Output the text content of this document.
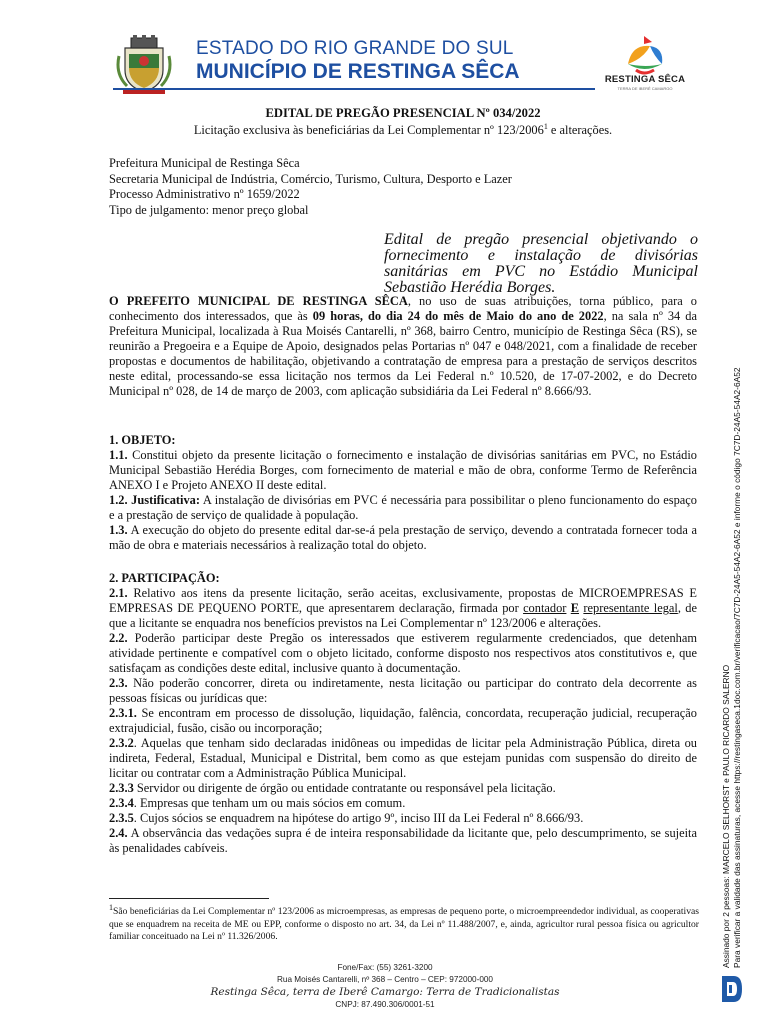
ESTADO DO RIO GRANDE DO SUL
MUNICÍPIO DE RESTINGA SÊCA	RESTINGA SÊCA
TERRA DE IBERÊ CAMARGO
EDITAL DE PREGÃO PRESENCIAL Nº 034/2022
Licitação exclusiva às beneficiárias da Lei Complementar nº 123/2006$^1$ e alterações.
Prefeitura Municipal de Restinga Sêca
Secretaria Municipal de Indústria, Comércio, Turismo, Cultura, Desporto e Lazer
Processo Administrativo nº 1659/2022
Tipo de julgamento: menor preço global
Edital de pregão presencial objetivando o fornecimento e instalação de divisórias sanitárias em PVC no Estádio Municipal Sebastião Herédia Borges.
O PREFEITO MUNICIPAL DE RESTINGA SÊCA, no uso de suas atribuições, torna público, para o conhecimento dos interessados, que às 09 horas, do dia 24 do mês de Maio do ano de 2022, na sala nº 34 da Prefeitura Municipal, localizada à Rua Moisés Cantarelli, nº 368, bairro Centro, município de Restinga Sêca (RS), se reunirão a Pregoeira e a Equipe de Apoio, designados pelas Portarias nº 047 e 048/2021, com a finalidade de receber propostas e documentos de habilitação, objetivando a contratação de empresa para a prestação de serviços descritos neste edital, processando-se essa licitação nos termos da Lei Federal n.º 10.520, de 17-07-2002, e do Decreto Municipal nº 028, de 14 de março de 2003, com aplicação subsidiária da Lei Federal nº 8.666/93.
1. OBJETO:

1.1. Constitui objeto da presente licitação o fornecimento e instalação de divisórias sanitárias em PVC, no Estádio Municipal Sebastião Herédia Borges, com fornecimento de material e mão de obra, conforme Termo de Referência ANEXO I e Projeto ANEXO II deste edital.

1.2. Justificativa: A instalação de divisórias em PVC é necessária para possibilitar o pleno funcionamento do espaço e a prestação de serviço de qualidade à população.

1.3. A execução do objeto do presente edital dar-se-á pela prestação de serviço, devendo a contratada fornecer toda a mão de obra e materiais necessários à realização total do objeto.

2. PARTICIPAÇÃO:

2.1. Relativo aos itens da presente licitação, serão aceitas, exclusivamente, propostas de MICROEMPRESAS E EMPRESAS DE PEQUENO PORTE, que apresentarem declaração, firmada por contador E representante legal, de que a licitante se enquadra nos benefícios previstos na Lei Complementar nº 123/2006 e alterações.

2.2. Poderão participar deste Pregão os interessados que estiverem regularmente credenciados, que detenham atividade pertinente e compatível com o objeto licitado, conforme disposto nos respectivos atos constitutivos e, que satisfaçam as condições deste edital, inclusive quanto à documentação.

2.3. Não poderão concorrer, direta ou indiretamente, nesta licitação ou participar do contrato dela decorrente as pessoas físicas ou jurídicas que:

2.3.1. Se encontram em processo de dissolução, liquidação, falência, concordata, recuperação judicial, recuperação extrajudicial, fusão, cisão ou incorporação;

2.3.2. Aquelas que tenham sido declaradas inidôneas ou impedidas de licitar pela Administração Pública, direta ou indireta, Federal, Estadual, Municipal e Distrital, bem como as que estejam punidas com suspensão do direito de licitar ou contratar com a Administração Pública Municipal.

2.3.3 Servidor ou dirigente de órgão ou entidade contratante ou responsável pela licitação.

2.3.4. Empresas que tenham um ou mais sócios em comum.

2.3.5. Cujos sócios se enquadrem na hipótese do artigo 9º, inciso III da Lei Federal nº 8.666/93.

2.4. A observância das vedações supra é de inteira responsabilidade da licitante que, pelo descumprimento, se sujeita às penalidades cabíveis.

$^1$São beneficiárias da Lei Complementar nº 123/2006 as microempresas, as empresas de pequeno porte, o microempreendedor individual, as cooperativas que se enquadrem na receita de ME ou EPP, conforme o disposto no art. 34, da Lei nº 11.488/2007, e, ainda, agricultor rural pessoa física ou agricultor familiar conceituado na Lei nº 11.326/2006.
Fone/Fax: (55) 3261-3200
Rua Moisés Cantarelli, nº 368 – Centro – CEP: 972000-000
Restinga Sêca, terra de Iberê Camargo: Terra de Tradicionalistas
CNPJ: 87.490.306/0001-51
Assinado por 2 pessoas: MARCELO SELHORST e PAULO RICARDO SALERNO Para verificar a validade das assinaturas, acesse https://restingaseca.1doc.com.br/verificacao/7C7D-24A5-54A2-6A52 e informe o código 7C7D-24A5-54A2-6A52
